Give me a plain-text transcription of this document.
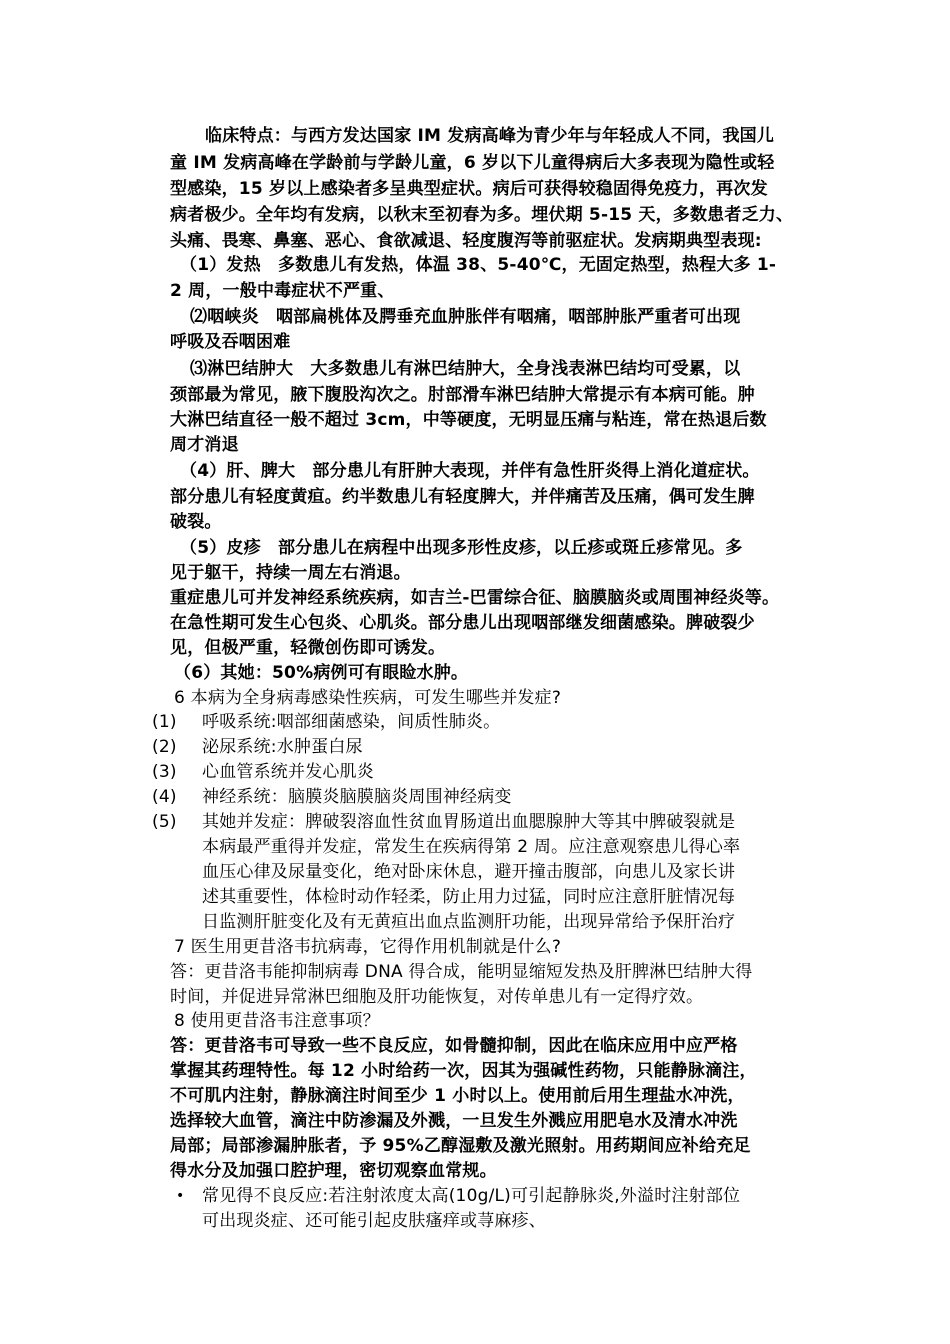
临床特点：与西方发达国家 IM 发病高峰为青少年与年轻成人不同，我国儿

童 IM 发病高峰在学龄前与学龄儿童，6 岁以下儿童得病后大多表现为隐性或轻

型感染，15 岁以上感染者多呈典型症状。病后可获得较稳固得免疫力，再次发

病者极少。全年均有发病，以秋末至初春为多。埋伏期 5-15 天，多数患者乏力、

头痛、畏寒、鼻塞、恶心、食欲减退、轻度腹泻等前驱症状。发病期典型表现:

（1）发热　多数患儿有发热，体温 38、5-40℃，无固定热型，热程大多 1-

2 周，一般中毒症状不严重、

⑵咽峡炎　咽部扁桃体及腭垂充血肿胀伴有咽痛，咽部肿胀严重者可出现

呼吸及吞咽困难

⑶淋巴结肿大　大多数患儿有淋巴结肿大，全身浅表淋巴结均可受累，以

颈部最为常见，腋下腹股沟次之。肘部滑车淋巴结肿大常提示有本病可能。肿

大淋巴结直径一般不超过 3cm，中等硬度，无明显压痛与粘连，常在热退后数

周才消退

（4）肝、脾大　部分患儿有肝肿大表现，并伴有急性肝炎得上消化道症状。

部分患儿有轻度黄疸。约半数患儿有轻度脾大，并伴痛苦及压痛，偶可发生脾

破裂。

（5）皮疹　部分患儿在病程中出现多形性皮疹，以丘疹或斑丘疹常见。多

见于躯干，持续一周左右消退。

重症患儿可并发神经系统疾病，如吉兰-巴雷综合征、脑膜脑炎或周围神经炎等。

在急性期可发生心包炎、心肌炎。部分患儿出现咽部继发细菌感染。脾破裂少

见，但极严重，轻微创伤即可诱发。

（6）其她：50%病例可有眼睑水肿。

6 本病为全身病毒感染性疾病，可发生哪些并发症?

(1) 呼吸系统:咽部细菌感染，间质性肺炎。

(2) 泌尿系统:水肿蛋白尿

(3) 心血管系统并发心肌炎

(4) 神经系统：脑膜炎脑膜脑炎周围神经病变

(5) 其她并发症：脾破裂溶血性贫血胃肠道出血腮腺肿大等其中脾破裂就是

本病最严重得并发症，常发生在疾病得第 2 周。应注意观察患儿得心率

血压心律及尿量变化，绝对卧床休息，避开撞击腹部，向患儿及家长讲

述其重要性，体检时动作轻柔，防止用力过猛，同时应注意肝脏情况每

日监测肝脏变化及有无黄疸出血点监测肝功能，出现异常给予保肝治疗

7 医生用更昔洛韦抗病毒，它得作用机制就是什么?

答：更昔洛韦能抑制病毒 DNA 得合成，能明显缩短发热及肝脾淋巴结肿大得

时间，并促进异常淋巴细胞及肝功能恢复，对传单患儿有一定得疗效。

8 使用更昔洛韦注意事项？

答：更昔洛韦可导致一些不良反应，如骨髓抑制，因此在临床应用中应严格

掌握其药理特性。每 12 小时给药一次，因其为强碱性药物，只能静脉滴注，

不可肌内注射，静脉滴注时间至少 1 小时以上。使用前后用生理盐水冲洗，

选择较大血管，滴注中防渗漏及外溅，一旦发生外溅应用肥皂水及清水冲洗

局部；局部渗漏肿胀者，予 95%乙醇湿敷及激光照射。用药期间应补给充足

得水分及加强口腔护理，密切观察血常规。

• 常见得不良反应:若注射浓度太高(10g/L)可引起静脉炎,外溢时注射部位

可出现炎症、还可能引起皮肤瘙痒或荨麻疹、
